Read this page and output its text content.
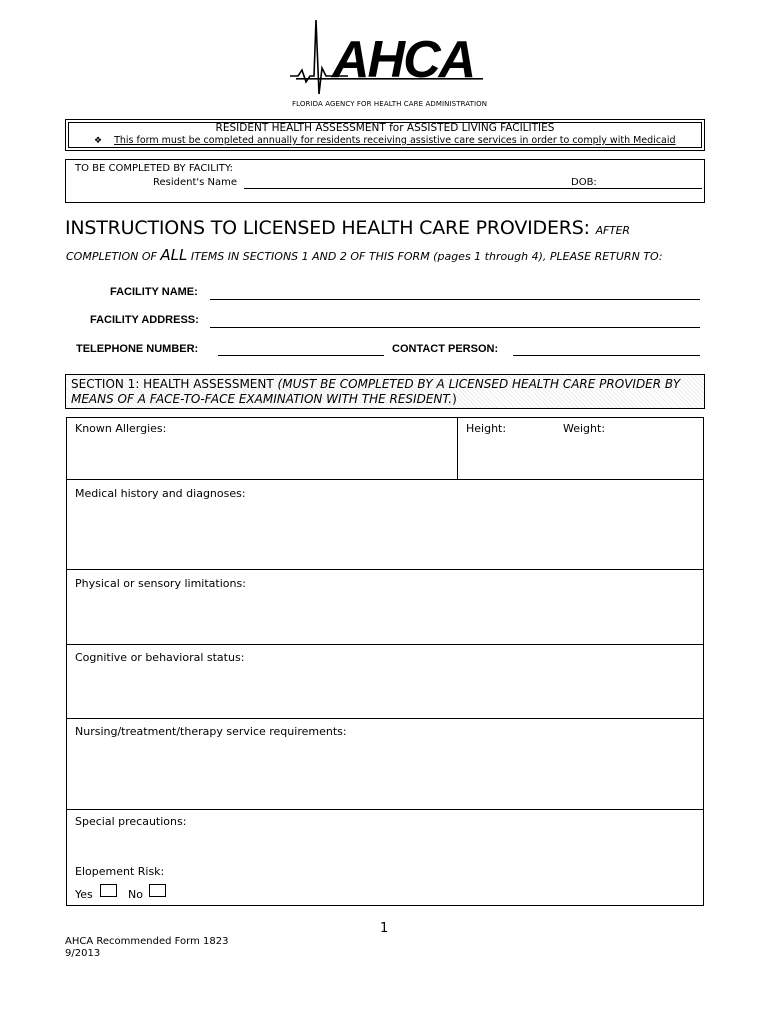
AHCA
FLORIDA AGENCY FOR HEALTH CARE ADMINISTRATION
RESIDENT HEALTH ASSESSMENT for ASSISTED LIVING FACILITIES
❖ This form must be completed annually for residents receiving assistive care services in order to comply with Medicaid
TO BE COMPLETED BY FACILITY:
Resident's Name	DOB:
INSTRUCTIONS TO LICENSED HEALTH CARE PROVIDERS: AFTER
COMPLETION OF ALL ITEMS IN SECTIONS 1 AND 2 OF THIS FORM (pages 1 through 4), PLEASE RETURN TO:
FACILITY NAME:
FACILITY ADDRESS:
TELEPHONE NUMBER:	CONTACT PERSON:
SECTION 1: HEALTH ASSESSMENT (MUST BE COMPLETED BY A LICENSED HEALTH CARE PROVIDER BY
MEANS OF A FACE-TO-FACE EXAMINATION WITH THE RESIDENT.)
Known Allergies:	Height:	Weight:
Medical history and diagnoses:
Physical or sensory limitations:
Cognitive or behavioral status:
Nursing/treatment/therapy service requirements:
Special precautions:
Elopement Risk:
Yes	No
1
AHCA Recommended Form 1823
9/2013
